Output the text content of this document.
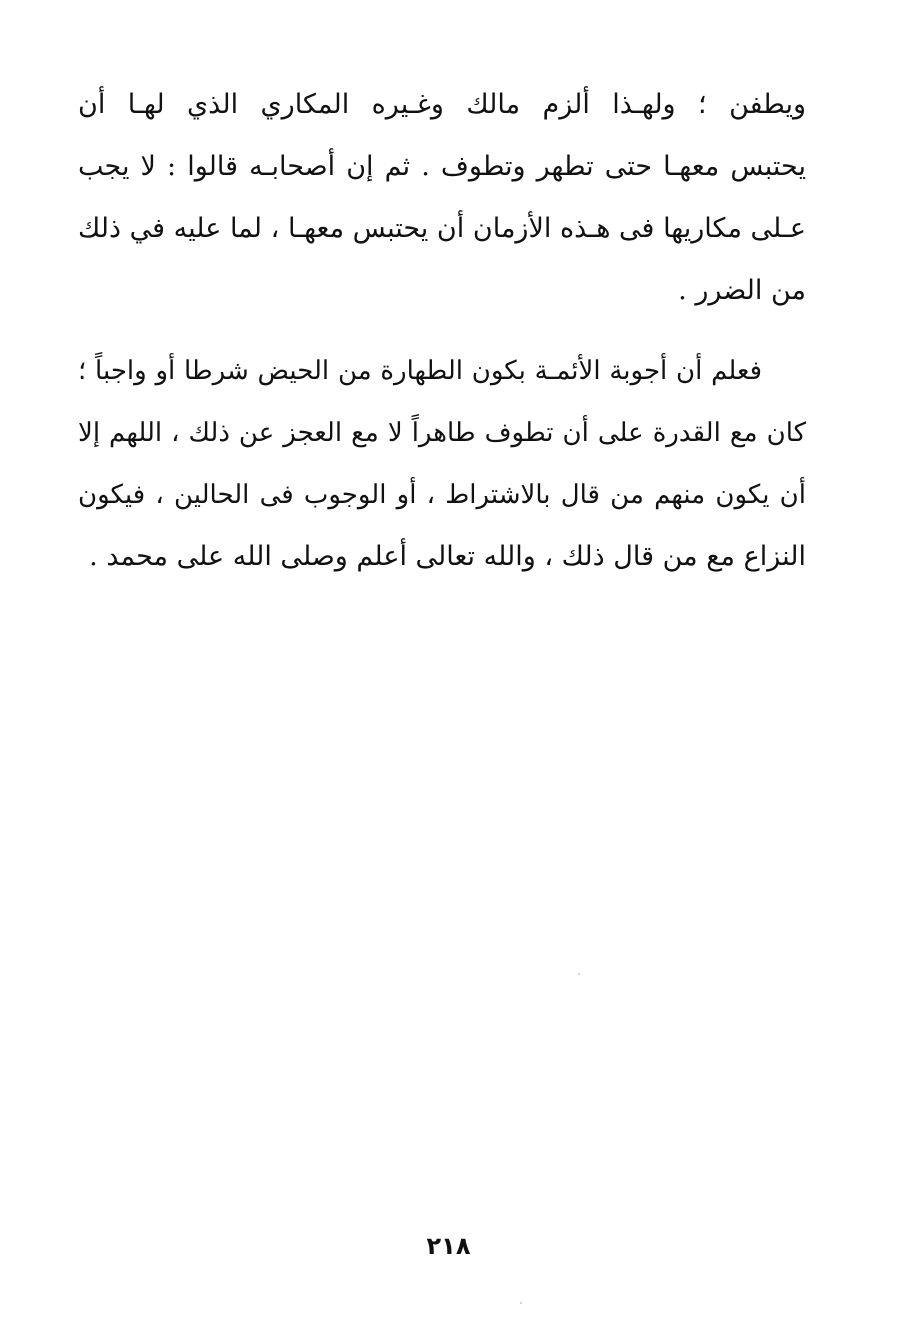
ويطفن ؛ ولهـذا ألزم مالك وغـيره المكاري الذي لهـا أن
يحتبس معهـا حتى تطهر وتطوف . ثم إن أصحابـه قالوا : لا يجب
عـلى مكاريها فى هـذه الأزمان أن يحتبس معهـا ، لما عليه في ذلك
من الضرر .
فعلم أن أجوبة الأئمـة بكون الطهارة من الحيض شرطا أو واجباً ؛
كان مع القدرة على أن تطوف طاهراً لا مع العجز عن ذلك ، اللهم إلا
أن يكون منهم من قال بالاشتراط ، أو الوجوب فى الحالين ، فيكون
النزاع مع من قال ذلك ، والله تعالى أعلم وصلى الله على محمد .
٢١٨
